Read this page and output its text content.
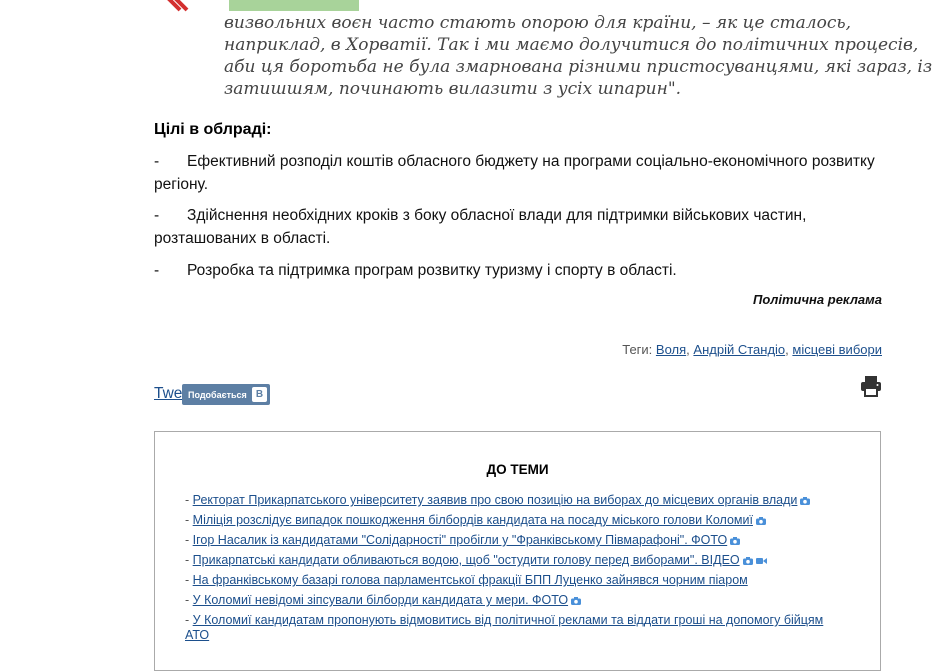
визвольних воєн часто стають опорою для країни, – як це сталось,
наприклад, в Хорватії. Так і ми маємо долучитися до політичних процесів,
аби ця боротьба не була змарнована різними пристосуванцями, які зараз, із
затишшям, починають вилазити з усіх шпарин".
Цілі в облраді:
- Ефективний розподіл коштів обласного бюджету на програми соціально-економічного розвитку регіону.
- Здійснення необхідних кроків з боку обласної влади для підтримки військових частин, розташованих в області.
- Розробка та підтримка програм розвитку туризму і спорту в області.
Політична реклама
Теги: Воля, Андрій Стандіо, місцеві вибори
Twe Подобається B
ДО ТЕМИ
- Ректорат Прикарпатського університету заявив про свою позицію на виборах до місцевих органів влади
- Міліція розслідує випадок пошкодження білбордів кандидата на посаду міського голови Коломиї
- Ігор Насалик із кандидатами "Солідарності" пробігли у "Франківському Півмарафоні". ФОТО
- Прикарпатські кандидати обливаються водою, щоб "остудити голову перед виборами". ВІДЕО
- На франківському базарі голова парламентської фракції БПП Луценко зайнявся чорним піаром
- У Коломиї невідомі зіпсували білборди кандидата у мери. ФОТО
- У Коломиї кандидатам пропонують відмовитись від політичної реклами та віддати гроші на допомогу бійцям АТО
